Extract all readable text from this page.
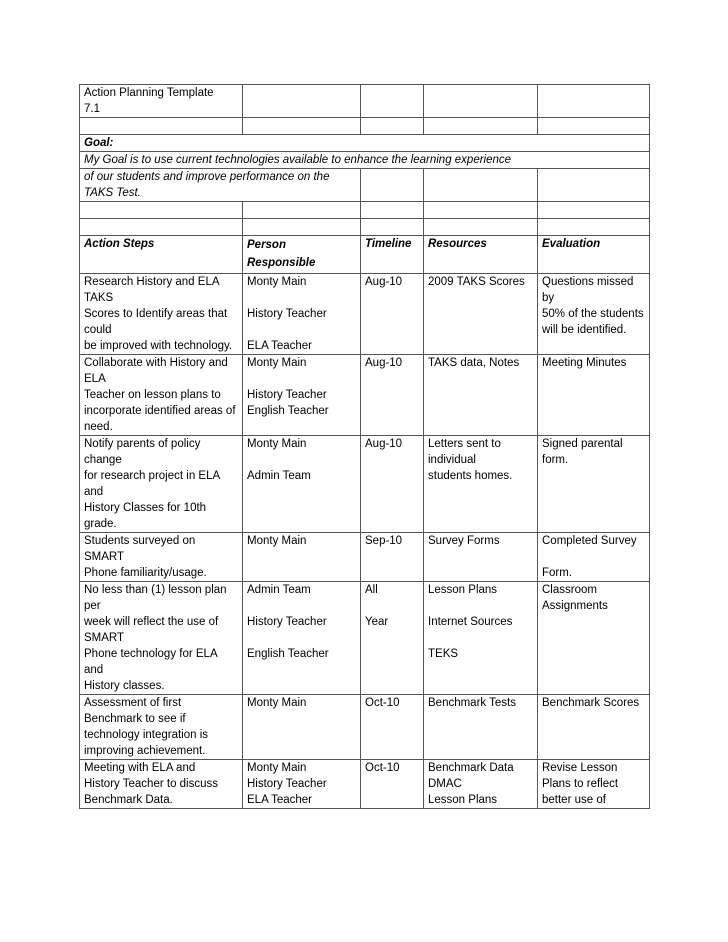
Action Planning Template
7.1				

Goal:				
My Goal is to use current technologies available to enhance the learning experience				

of our students and improve performance on the
TAKS Test.				

Action Steps	Person Responsible	Timeline	Resources	Evaluation

Research History and ELA TAKS
Scores to Identify areas that could
be improved with technology.	Monty Main

History Teacher

ELA Teacher	Aug-10	2009 TAKS Scores	Questions missed by
50% of the students
will be identified.

Collaborate with History and ELA
Teacher on lesson plans to
incorporate identified areas of
need.	Monty Main

History Teacher
English Teacher	Aug-10	TAKS data, Notes	Meeting Minutes

Notify parents of policy change
for research project in ELA and
History Classes for 10th grade.	Monty Main

Admin Team	Aug-10	Letters sent to
individual
students homes.	Signed parental
form.

Students surveyed on SMART
Phone familiarity/usage.	Monty Main	Sep-10	Survey Forms	Completed Survey

Form.

No less than (1) lesson plan per
week will reflect the use of SMART
Phone technology for ELA and
History classes.	Admin Team

History Teacher

English Teacher	All

Year	Lesson Plans

Internet Sources

TEKS	Classroom
Assignments

Assessment of first
Benchmark to see if
technology integration is
improving achievement.	Monty Main	Oct-10	Benchmark Tests	Benchmark Scores

Meeting with ELA and
History Teacher to discuss
Benchmark Data.	Monty Main
History Teacher
ELA Teacher	Oct-10	Benchmark Data
DMAC
Lesson Plans	Revise Lesson
Plans to reflect
better use of
